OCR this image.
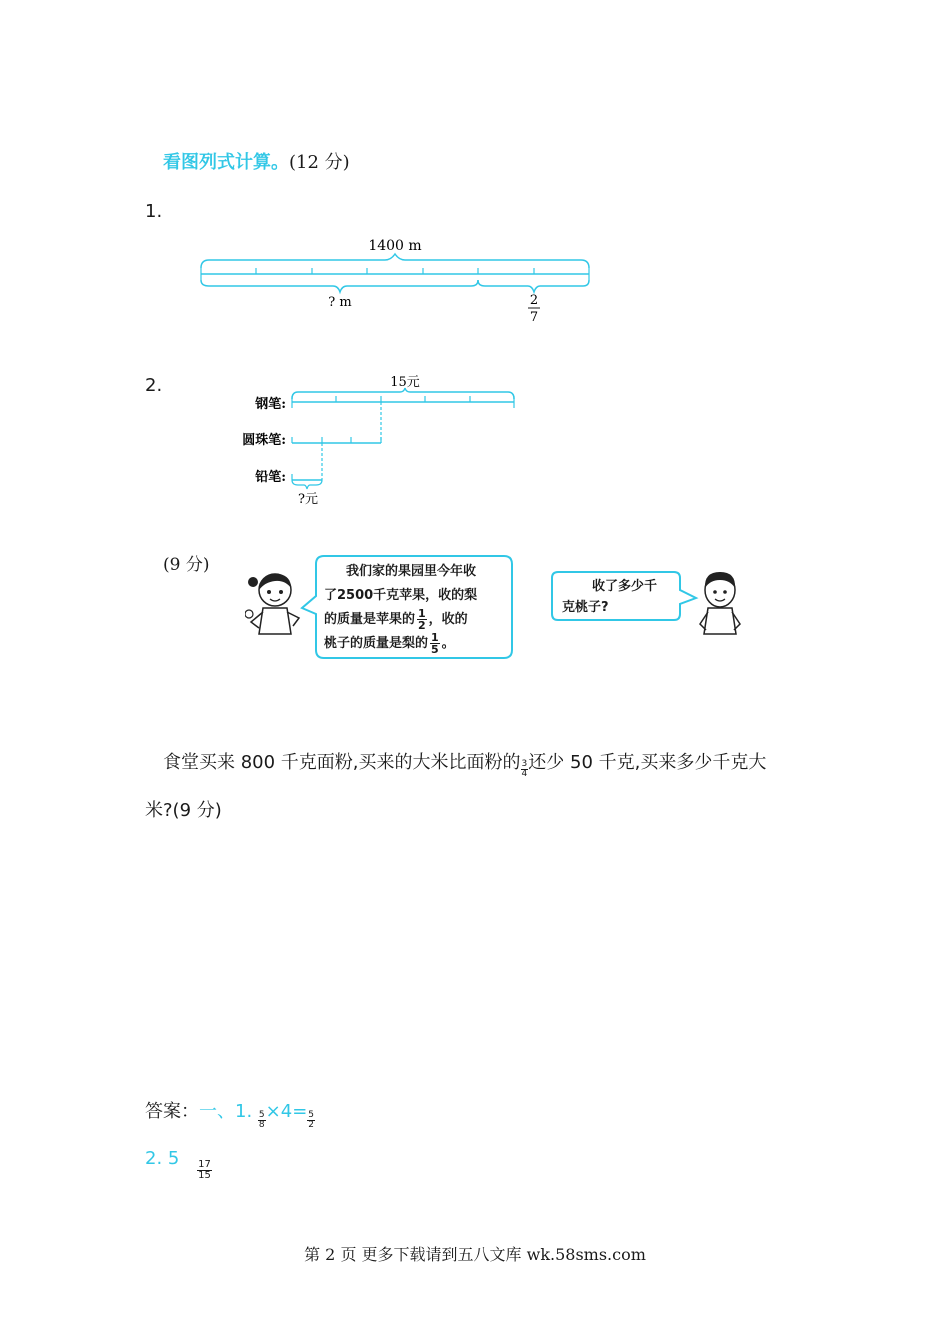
看图列式计算。(12 分)
1.
1400 m
? m	2
7
2.	15元
钢笔:
圆珠笔:
铅笔:
?元
(9 分)	我们家的果园里今年收
了2500千克苹果，收的梨
的质量是苹果的 $\frac{1}{2}$ ，收的
桃子的质量是梨的 $\frac{1}{5}$ 。
收了多少千
克桃子?
食堂买来 800 千克面粉,买来的大米比面粉的 $\frac{3}{4}$ 还少 50 千克,买来多少千克大
米?(9 分)
答案：一、1. $\frac{5}{8} \times 4= \frac{5}{2}$
2. 5
$\frac{17}{15}$
第 2 页 更多下载请到五八文库 wk.58sms.com
